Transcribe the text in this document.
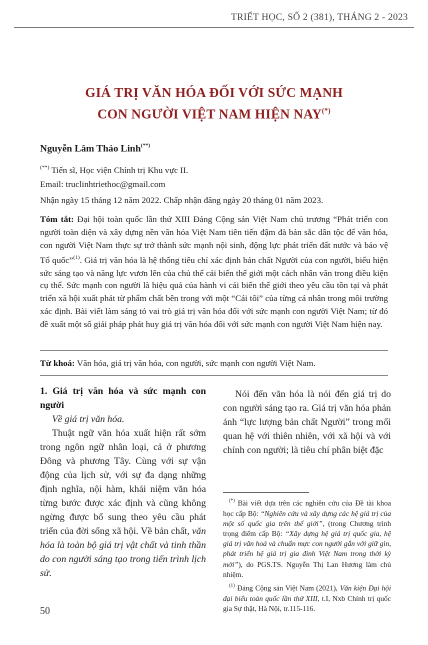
TRIẾT HỌC, SỐ 2 (381), THÁNG 2 - 2023
GIÁ TRỊ VĂN HÓA ĐỐI VỚI SỨC MẠNH
CON NGƯỜI VIỆT NAM HIỆN NAY(*)
Nguyễn Lâm Thảo Linh(**)
(**) Tiến sĩ, Học viện Chính trị Khu vực II.
Email: truclinhtriethoc@gmail.com
Nhận ngày 15 tháng 12 năm 2022. Chấp nhận đăng ngày 20 tháng 01 năm 2023.
Tóm tắt: Đại hội toàn quốc lần thứ XIII Đảng Cộng sản Việt Nam chủ trương “Phát triển con người toàn diện và xây dựng nền văn hóa Việt Nam tiên tiến đậm đà bản sắc dân tộc để văn hóa, con người Việt Nam thực sự trở thành sức mạnh nội sinh, động lực phát triển đất nước và bảo vệ Tổ quốc”$^{(1)}$. Giá trị văn hóa là hệ thống tiêu chí xác định bản chất Người của con người, biểu hiện sức sáng tạo và năng lực vươn lên của chủ thể cải biến thế giới một cách nhân văn trong điều kiện cụ thể. Sức mạnh con người là hiệu quả của hành vi cải biến thế giới theo yêu cầu tồn tại và phát triển xã hội xuất phát từ phẩm chất bên trong với một “Cái tôi” của từng cá nhân trong môi trường xác định. Bài viết làm sáng tỏ vai trò giá trị văn hóa đối với sức mạnh con người Việt Nam; từ đó đề xuất một số giải pháp phát huy giá trị văn hóa đối với sức mạnh con người Việt Nam hiện nay.
Từ khoá: Văn hóa, giá trị văn hóa, con người, sức mạnh con người Việt Nam.
1. Giá trị văn hóa và sức mạnh con người

Về giá trị văn hóa.

Thuật ngữ văn hóa xuất hiện rất sớm trong ngôn ngữ nhân loại, cả ở phương Đông và phương Tây. Cùng với sự vận động của lịch sử, với sự đa dạng những định nghĩa, nội hàm, khái niệm văn hóa từng bước được xác định và cũng không ngừng được bổ sung theo yêu cầu phát triển của đời sống xã hội. Về bản chất, văn hóa là toàn bộ giá trị vật chất và tinh thần do con người sáng tạo trong tiến trình lịch sử.

Nói đến văn hóa là nói đến giá trị do con người sáng tạo ra. Giá trị văn hóa phản ánh “lực lượng bản chất Người” trong mối quan hệ với thiên nhiên, với xã hội và với chính con người; là tiêu chí phân biệt đặc

(*) Bài viết dựa trên các nghiên cứu của Đề tài khoa học cấp Bộ: “Nghiên cứu và xây dựng các hệ giá trị của một số quốc gia trên thế giới”, (trong Chương trình trọng điểm cấp Bộ: “Xây dựng hệ giá trị quốc gia, hệ giá trị văn hoá và chuẩn mực con người gắn với giữ gìn, phát triển hệ giá trị gia đình Việt Nam trong thời kỳ mới”), do PGS.TS. Nguyễn Thị Lan Hương làm chủ nhiệm.
$^{(1)}$ Đảng Cộng sản Việt Nam (2021), Văn kiện Đại hội đại biểu toàn quốc lần thứ XIII, t.I, Nxb Chính trị quốc gia Sự thật, Hà Nội, tr.115-116.
50
